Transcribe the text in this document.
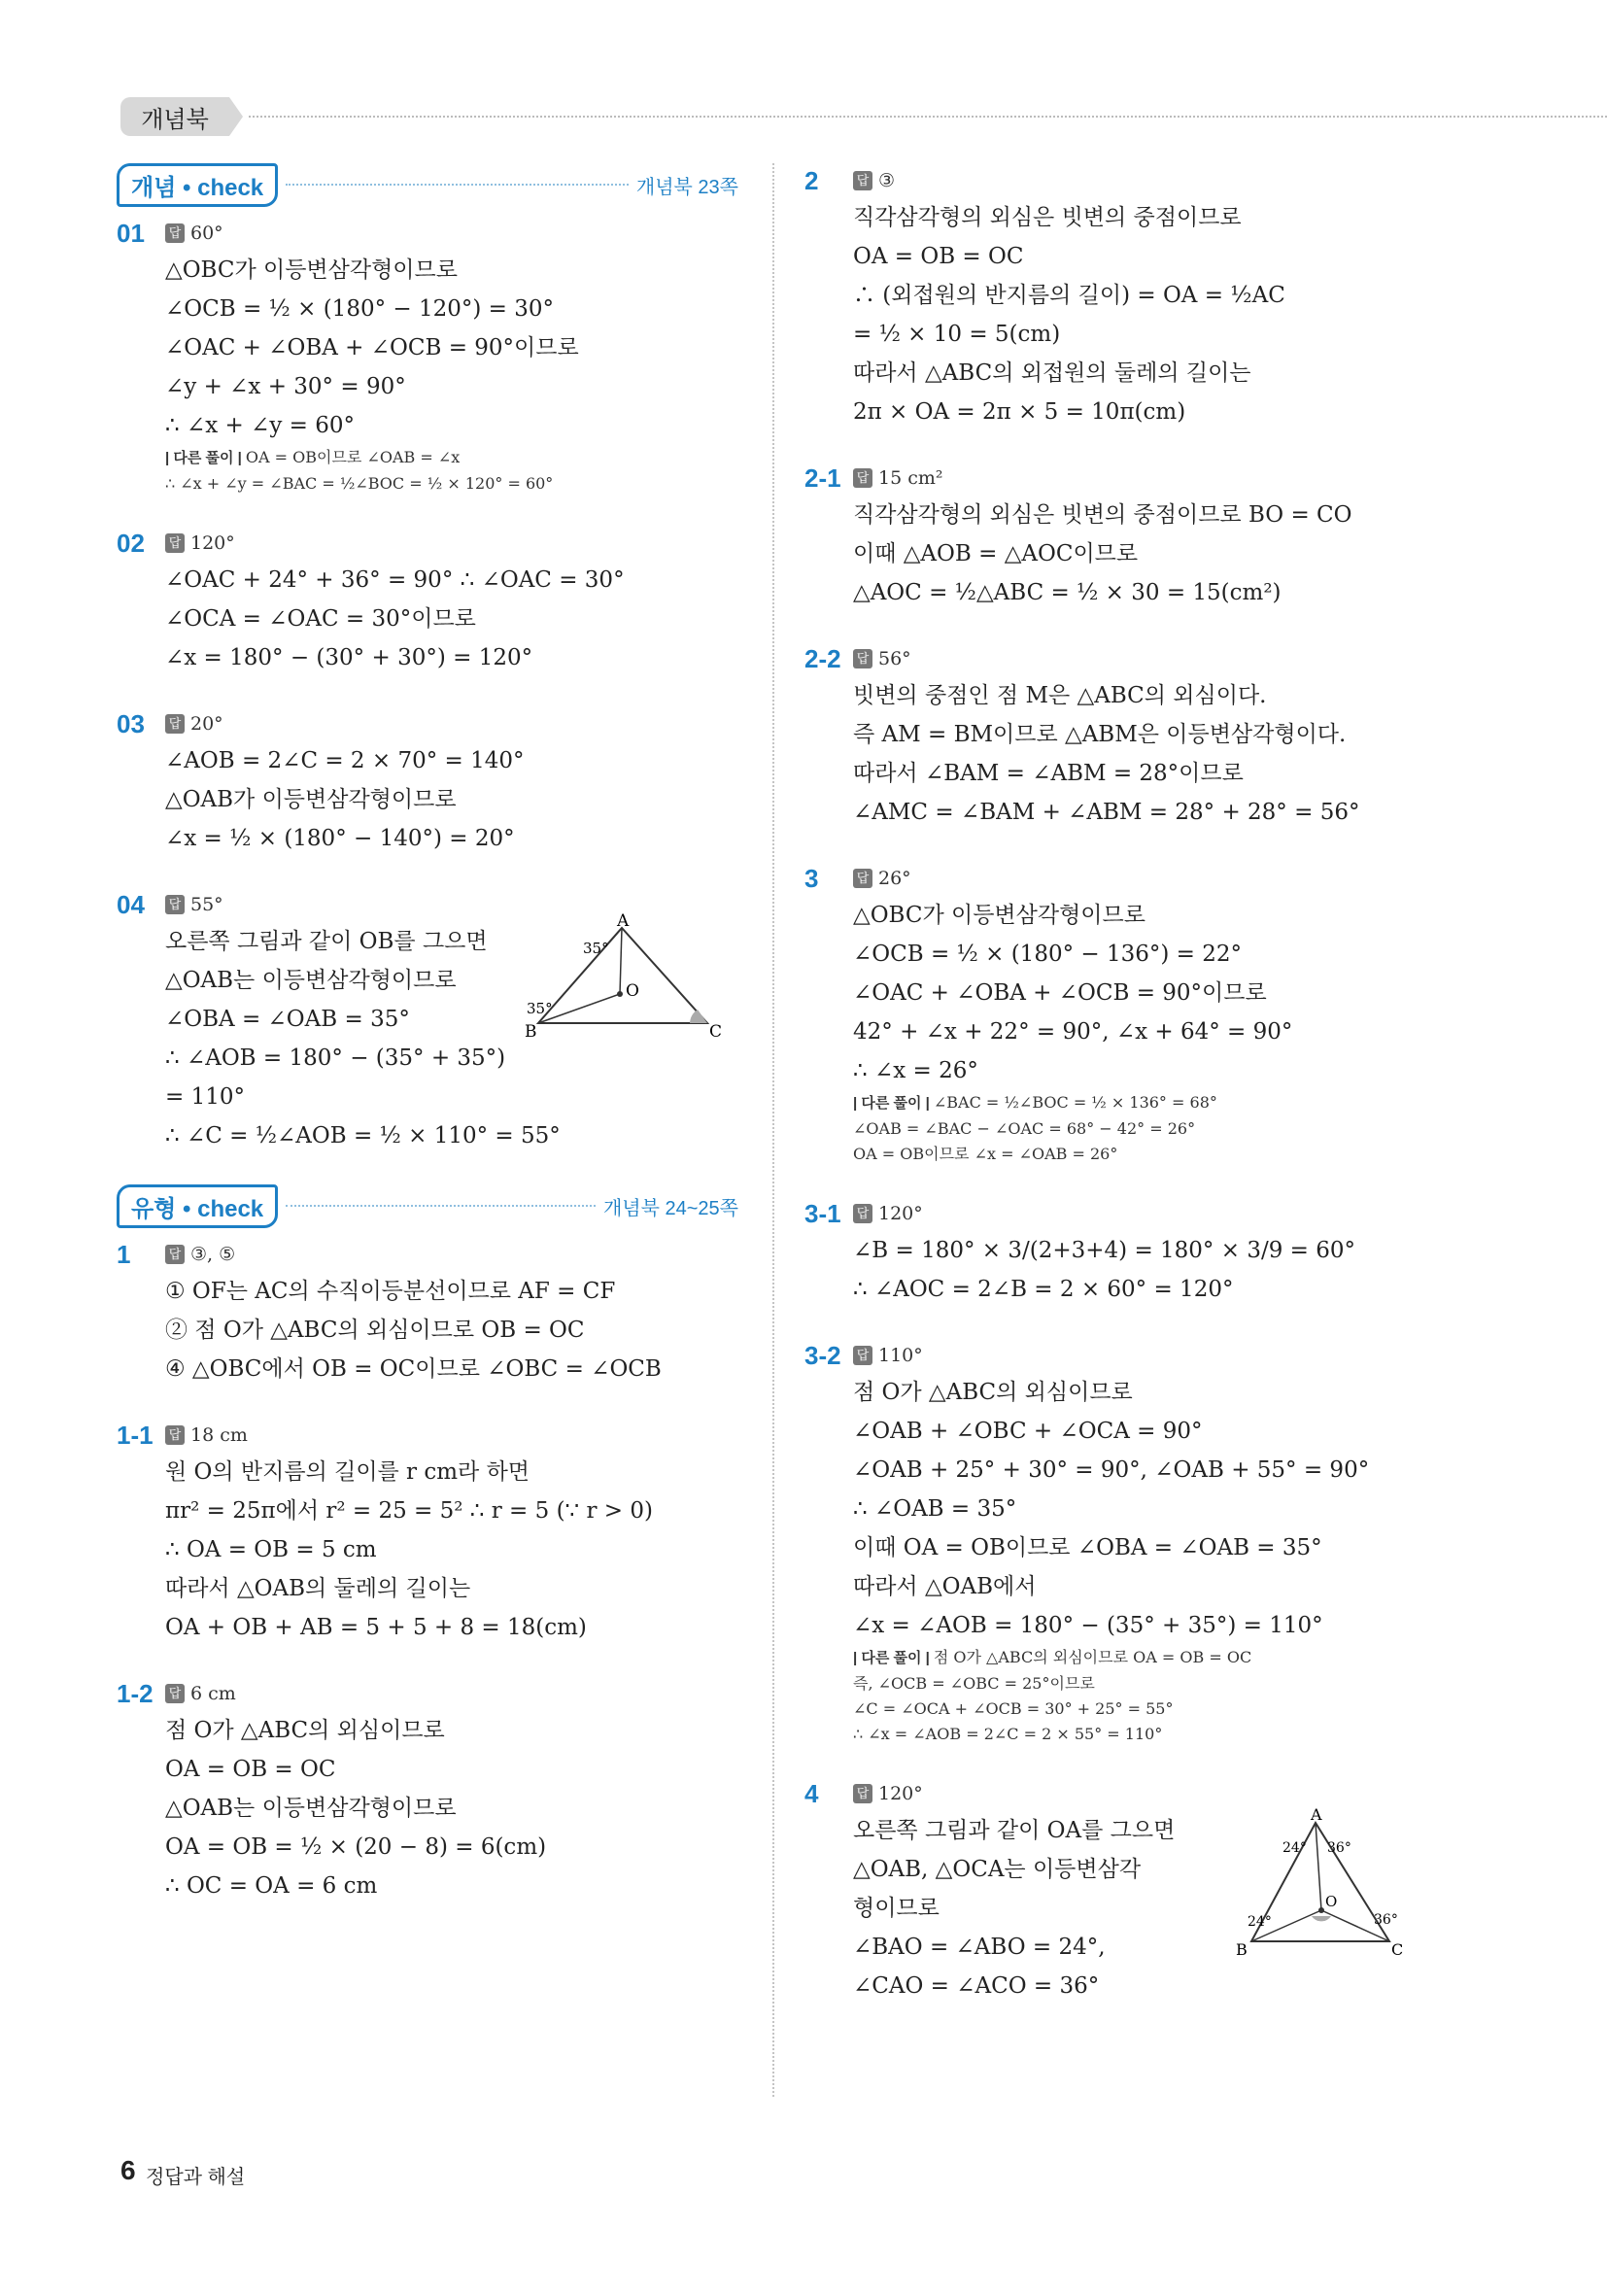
개념북
개념 • check	개념북 23쪽
01	답 60°
△OBC가 이등변삼각형이므로
∠OCB = ½ × (180° − 120°) = 30°
∠OAC + ∠OBA + ∠OCB = 90°이므로
∠y + ∠x + 30° = 90°
∴ ∠x + ∠y = 60°
| 다른 풀이 | OA = OB이므로 ∠OAB = ∠x
∴ ∠x + ∠y = ∠BAC = ½∠BOC = ½ × 120° = 60°
02	답 120°
∠OAC + 24° + 36° = 90° ∴ ∠OAC = 30°
∠OCA = ∠OAC = 30°이므로
∠x = 180° − (30° + 30°) = 120°
03	답 20°
∠AOB = 2∠C = 2 × 70° = 140°
△OAB가 이등변삼각형이므로
∠x = ½ × (180° − 140°) = 20°
04	답 55°
오른쪽 그림과 같이 OB를 그으면
△OAB는 이등변삼각형이므로
∠OBA = ∠OAB = 35°
∴ ∠AOB = 180° − (35° + 35°)
= 110°
∴ ∠C = ½∠AOB = ½ × 110° = 55°
A
B	C
O
35°
35°
유형 • check	개념북 24~25쪽
1	답 ③, ⑤
① OF는 AC의 수직이등분선이므로 AF = CF
② 점 O가 △ABC의 외심이므로 OB = OC
④ △OBC에서 OB = OC이므로 ∠OBC = ∠OCB
1-1	답 18 cm
원 O의 반지름의 길이를 r cm라 하면
πr² = 25π에서 r² = 25 = 5² ∴ r = 5 (∵ r > 0)
∴ OA = OB = 5 cm
따라서 △OAB의 둘레의 길이는
OA + OB + AB = 5 + 5 + 8 = 18(cm)
1-2	답 6 cm
점 O가 △ABC의 외심이므로
OA = OB = OC
△OAB는 이등변삼각형이므로
OA = OB = ½ × (20 − 8) = 6(cm)
∴ OC = OA = 6 cm
2	답 ③
직각삼각형의 외심은 빗변의 중점이므로
OA = OB = OC
∴ (외접원의 반지름의 길이) = OA = ½AC
= ½ × 10 = 5(cm)
따라서 △ABC의 외접원의 둘레의 길이는
2π × OA = 2π × 5 = 10π(cm)
2-1	답 15 cm²
직각삼각형의 외심은 빗변의 중점이므로 BO = CO
이때 △AOB = △AOC이므로
△AOC = ½△ABC = ½ × 30 = 15(cm²)
2-2	답 56°
빗변의 중점인 점 M은 △ABC의 외심이다.
즉 AM = BM이므로 △ABM은 이등변삼각형이다.
따라서 ∠BAM = ∠ABM = 28°이므로
∠AMC = ∠BAM + ∠ABM = 28° + 28° = 56°
3	답 26°
△OBC가 이등변삼각형이므로
∠OCB = ½ × (180° − 136°) = 22°
∠OAC + ∠OBA + ∠OCB = 90°이므로
42° + ∠x + 22° = 90°, ∠x + 64° = 90°
∴ ∠x = 26°
| 다른 풀이 | ∠BAC = ½∠BOC = ½ × 136° = 68°
∠OAB = ∠BAC − ∠OAC = 68° − 42° = 26°
OA = OB이므로 ∠x = ∠OAB = 26°
3-1	답 120°
∠B = 180° × 3/(2+3+4) = 180° × 3/9 = 60°
∴ ∠AOC = 2∠B = 2 × 60° = 120°
3-2	답 110°
점 O가 △ABC의 외심이므로
∠OAB + ∠OBC + ∠OCA = 90°
∠OAB + 25° + 30° = 90°, ∠OAB + 55° = 90°
∴ ∠OAB = 35°
이때 OA = OB이므로 ∠OBA = ∠OAB = 35°
따라서 △OAB에서
∠x = ∠AOB = 180° − (35° + 35°) = 110°
| 다른 풀이 | 점 O가 △ABC의 외심이므로 OA = OB = OC
즉, ∠OCB = ∠OBC = 25°이므로
∠C = ∠OCA + ∠OCB = 30° + 25° = 55°
∴ ∠x = ∠AOB = 2∠C = 2 × 55° = 110°
4	답 120°
오른쪽 그림과 같이 OA를 그으면
△OAB, △OCA는 이등변삼각
형이므로
∠BAO = ∠ABO = 24°,
∠CAO = ∠ACO = 36°
A
B	C
O
24° 36°
24°	36°
6 정답과 해설
